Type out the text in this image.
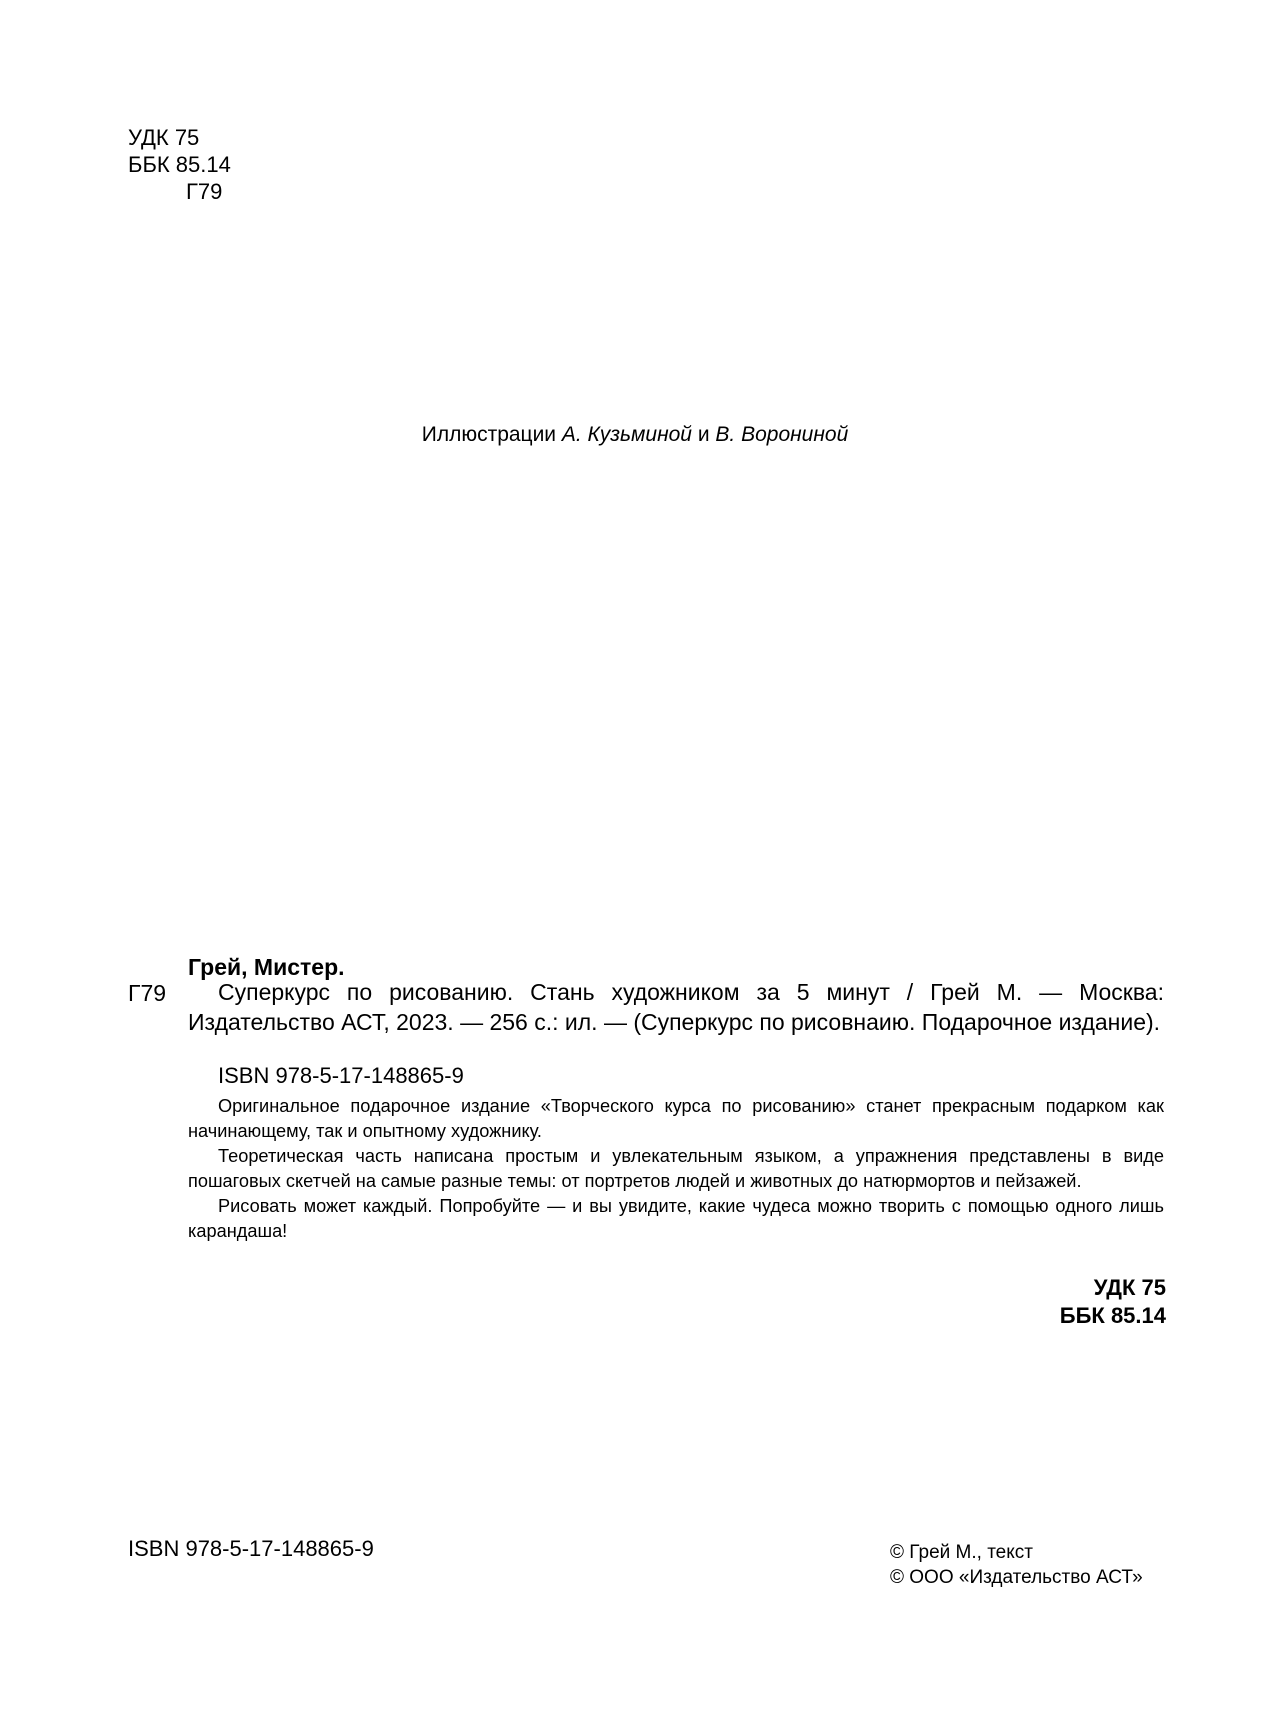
УДК 75
ББК 85.14
Г79
Иллюстрации А. Кузьминой и В. Ворониной
Грей, Мистер.
Г79	Суперкурс по рисованию. Стань художником за 5 минут / Грей М. — Москва: Издательство АСТ, 2023. — 256 с.: ил. — (Суперкурс по рисовнаию. Подарочное издание).
ISBN 978-5-17-148865-9

Оригинальное подарочное издание «Творческого курса по рисованию» станет прекрасным подарком как начинающему, так и опытному художнику.

Теоретическая часть написана простым и увлекательным языком, а упражнения представлены в виде пошаговых скетчей на самые разные темы: от портретов людей и животных до натюрмортов и пейзажей.

Рисовать может каждый. Попробуйте — и вы увидите, какие чудеса можно творить с помощью одного лишь карандаша!

УДК 75
ББК 85.14
ISBN 978-5-17-148865-9	© Грей М., текст
© ООО «Издательство АСТ»
